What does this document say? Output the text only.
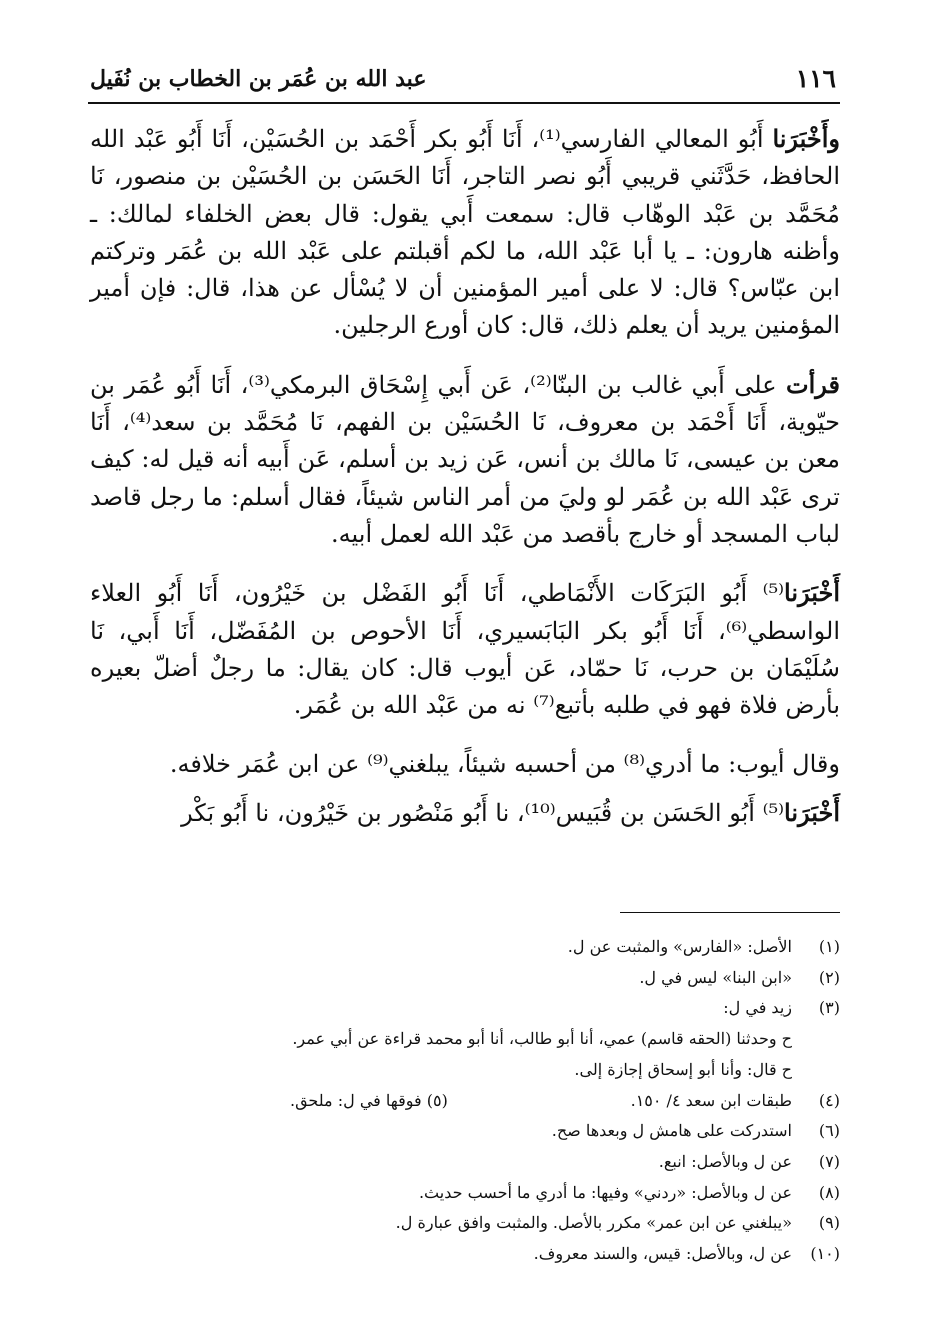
١١٦
عبد الله بن عُمَر بن الخطاب بن نُفَيل

وأَخْبَرَنا أَبُو المعالي الفارسي⁽¹⁾، أَنَا أَبُو بكر أَحْمَد بن الحُسَيْن، أَنَا أَبُو عَبْد الله الحافظ، حَدَّثَني قريبي أَبُو نصر التاجر، أَنَا الحَسَن بن الحُسَيْن بن منصور، نَا مُحَمَّد بن عَبْد الوهّاب قال: سمعت أَبي يقول: قال بعض الخلفاء لمالك: ـ وأظنه هارون: ـ يا أبا عَبْد الله، ما لكم أقبلتم على عَبْد الله بن عُمَر وتركتم ابن عبّاس؟ قال: لا على أمير المؤمنين أن لا يُسْأل عن هذا، قال: فإن أمير المؤمنين يريد أن يعلم ذلك، قال: كان أورع الرجلين.

قرأت على أَبي غالب بن البنّا⁽²⁾، عَن أَبي إِسْحَاق البرمكي⁽³⁾، أَنَا أَبُو عُمَر بن حيّوية، أَنَا أَحْمَد بن معروف، نَا الحُسَيْن بن الفهم، نَا مُحَمَّد بن سعد⁽⁴⁾، أَنَا معن بن عيسى، نَا مالك بن أنس، عَن زيد بن أسلم، عَن أَبيه أنه قيل له: كيف ترى عَبْد الله بن عُمَر لو وليَ من أمر الناس شيئاً، فقال أسلم: ما رجل قاصد لباب المسجد أو خارج بأقصد من عَبْد الله لعمل أبيه.

أَخْبَرَنا⁽⁵⁾ أَبُو البَرَكَات الأَنْمَاطي، أَنَا أَبُو الفَضْل بن خَيْرُون، أَنَا أَبُو العلاء الواسطي⁽⁶⁾، أَنَا أَبُو بكر البَابَسيري، أَنَا الأحوص بن المُفَضّل، أَنَا أَبي، نَا سُلَيْمَان بن حرب، نَا حمّاد، عَن أيوب قال: كان يقال: ما رجلٌ أضلّ بعيره بأرض فلاة فهو في طلبه بأتبع⁽⁷⁾ نه من عَبْد الله بن عُمَر.

وقال أيوب: ما أدري⁽⁸⁾ من أحسبه شيئاً، يبلغني⁽⁹⁾ عن ابن عُمَر خلافه.

أَخْبَرَنا⁽⁵⁾ أَبُو الحَسَن بن قُبَيس⁽¹⁰⁾، نا أَبُو مَنْصُور بن خَيْرُون، نا أَبُو بَكْر

(١)الأصل: «الفارس» والمثبت عن ل.
(٢)«ابن البنا» ليس في ل.
(٣)زيد في ل:
ح وحدثنا (الحقه قاسم) عمي، أنا أبو طالب، أنا أبو محمد قراءة عن أبي عمر.
ح قال: وأنا أبو إسحاق إجازة إلى.
(٤)طبقات ابن سعد ٤/ ١٥٠.
(٥) فوقها في ل: ملحق.
(٦)استدركت على هامش ل وبعدها صح.
(٧)عن ل وبالأصل: انبع.
(٨)عن ل وبالأصل: «ردني» وفيها: ما أدري ما أحسب حديث.
(٩)«يبلغني عن ابن عمر» مكرر بالأصل. والمثبت وافق عبارة ل.
(١٠)عن ل، وبالأصل: قيس، والسند معروف.
